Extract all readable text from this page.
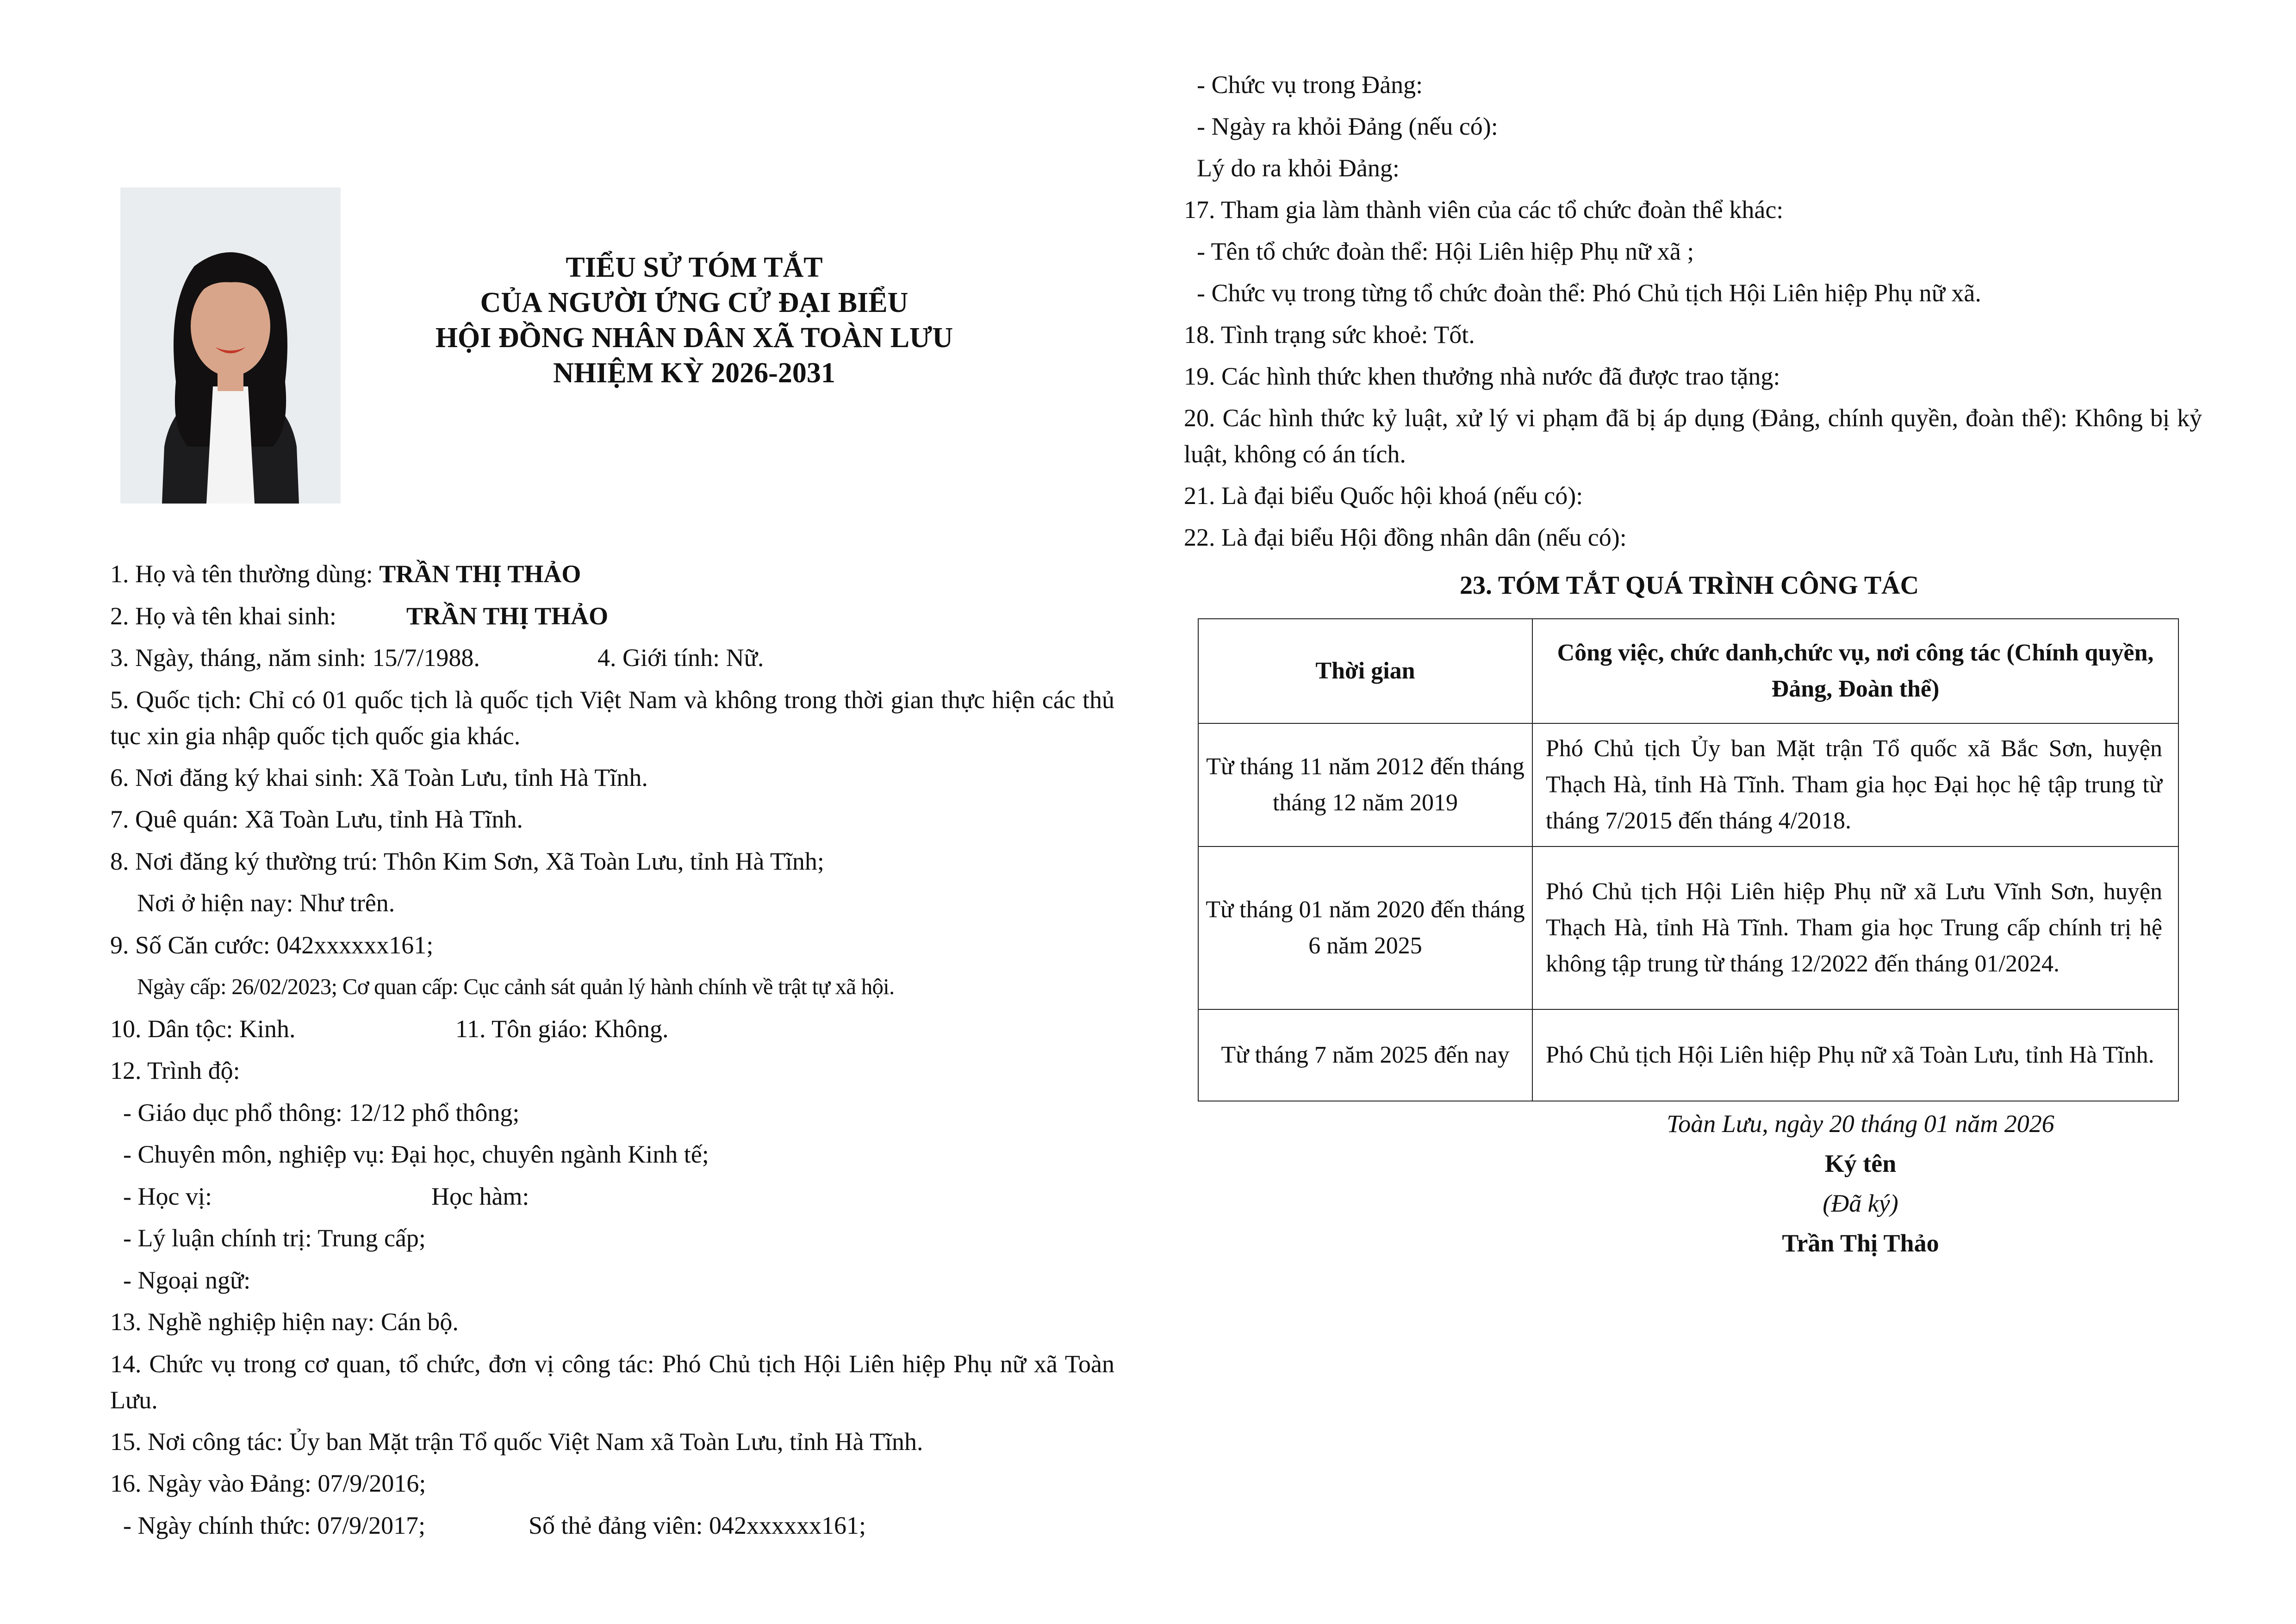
TIỂU SỬ TÓM TẮT
CỦA NGƯỜI ỨNG CỬ ĐẠI BIỂU
HỘI ĐỒNG NHÂN DÂN XÃ TOÀN LƯU
NHIỆM KỲ 2026-2031
1. Họ và tên thường dùng: TRẦN THỊ THẢO
2. Họ và tên khai sinh:	TRẦN THỊ THẢO
3. Ngày, tháng, năm sinh: 15/7/1988.	4. Giới tính: Nữ.
5. Quốc tịch: Chỉ có 01 quốc tịch là quốc tịch Việt Nam và không trong thời gian thực hiện các thủ tục xin gia nhập quốc tịch quốc gia khác.
6. Nơi đăng ký khai sinh: Xã Toàn Lưu, tỉnh Hà Tĩnh.
7. Quê quán: Xã Toàn Lưu, tỉnh Hà Tĩnh.
8. Nơi đăng ký thường trú: Thôn Kim Sơn, Xã Toàn Lưu, tỉnh Hà Tĩnh;
Nơi ở hiện nay: Như trên.
9. Số Căn cước: 042xxxxxx161;
Ngày cấp: 26/02/2023; Cơ quan cấp: Cục cảnh sát quản lý hành chính về trật tự xã hội.
10. Dân tộc: Kinh.	11. Tôn giáo: Không.
12. Trình độ:
- Giáo dục phổ thông: 12/12 phổ thông;
- Chuyên môn, nghiệp vụ: Đại học, chuyên ngành Kinh tế;
- Học vị:	Học hàm:
- Lý luận chính trị: Trung cấp;
- Ngoại ngữ:
13. Nghề nghiệp hiện nay: Cán bộ.
14. Chức vụ trong cơ quan, tổ chức, đơn vị công tác: Phó Chủ tịch Hội Liên hiệp Phụ nữ xã Toàn Lưu.
15. Nơi công tác: Ủy ban Mặt trận Tổ quốc Việt Nam xã Toàn Lưu, tỉnh Hà Tĩnh.
16. Ngày vào Đảng: 07/9/2016;
- Ngày chính thức: 07/9/2017;	Số thẻ đảng viên: 042xxxxxx161;
- Chức vụ trong Đảng:
- Ngày ra khỏi Đảng (nếu có):
Lý do ra khỏi Đảng:
17. Tham gia làm thành viên của các tổ chức đoàn thể khác:
- Tên tổ chức đoàn thể: Hội Liên hiệp Phụ nữ xã ;
- Chức vụ trong từng tổ chức đoàn thể: Phó Chủ tịch Hội Liên hiệp Phụ nữ xã.
18. Tình trạng sức khoẻ: Tốt.
19. Các hình thức khen thưởng nhà nước đã được trao tặng:
20. Các hình thức kỷ luật, xử lý vi phạm đã bị áp dụng (Đảng, chính quyền, đoàn thể): Không bị kỷ luật, không có án tích.
21. Là đại biểu Quốc hội khoá (nếu có):
22. Là đại biểu Hội đồng nhân dân (nếu có):
23. TÓM TẮT QUÁ TRÌNH CÔNG TÁC
Thời gian	Công việc, chức danh,chức vụ, nơi công tác (Chính quyền, Đảng, Đoàn thể)
Từ tháng 11 năm 2012 đến tháng tháng 12 năm 2019	Phó Chủ tịch Ủy ban Mặt trận Tổ quốc xã Bắc Sơn, huyện Thạch Hà, tỉnh Hà Tĩnh. Tham gia học Đại học hệ tập trung từ tháng 7/2015 đến tháng 4/2018.
Từ tháng 01 năm 2020 đến tháng 6 năm 2025	Phó Chủ tịch Hội Liên hiệp Phụ nữ xã Lưu Vĩnh Sơn, huyện Thạch Hà, tỉnh Hà Tĩnh. Tham gia học Trung cấp chính trị hệ không tập trung từ tháng 12/2022 đến tháng 01/2024.
Từ tháng 7 năm 2025 đến nay	Phó Chủ tịch Hội Liên hiệp Phụ nữ xã Toàn Lưu, tỉnh Hà Tĩnh.
Toàn Lưu, ngày 20 tháng 01 năm 2026
Ký tên
(Đã ký)
Trần Thị Thảo
